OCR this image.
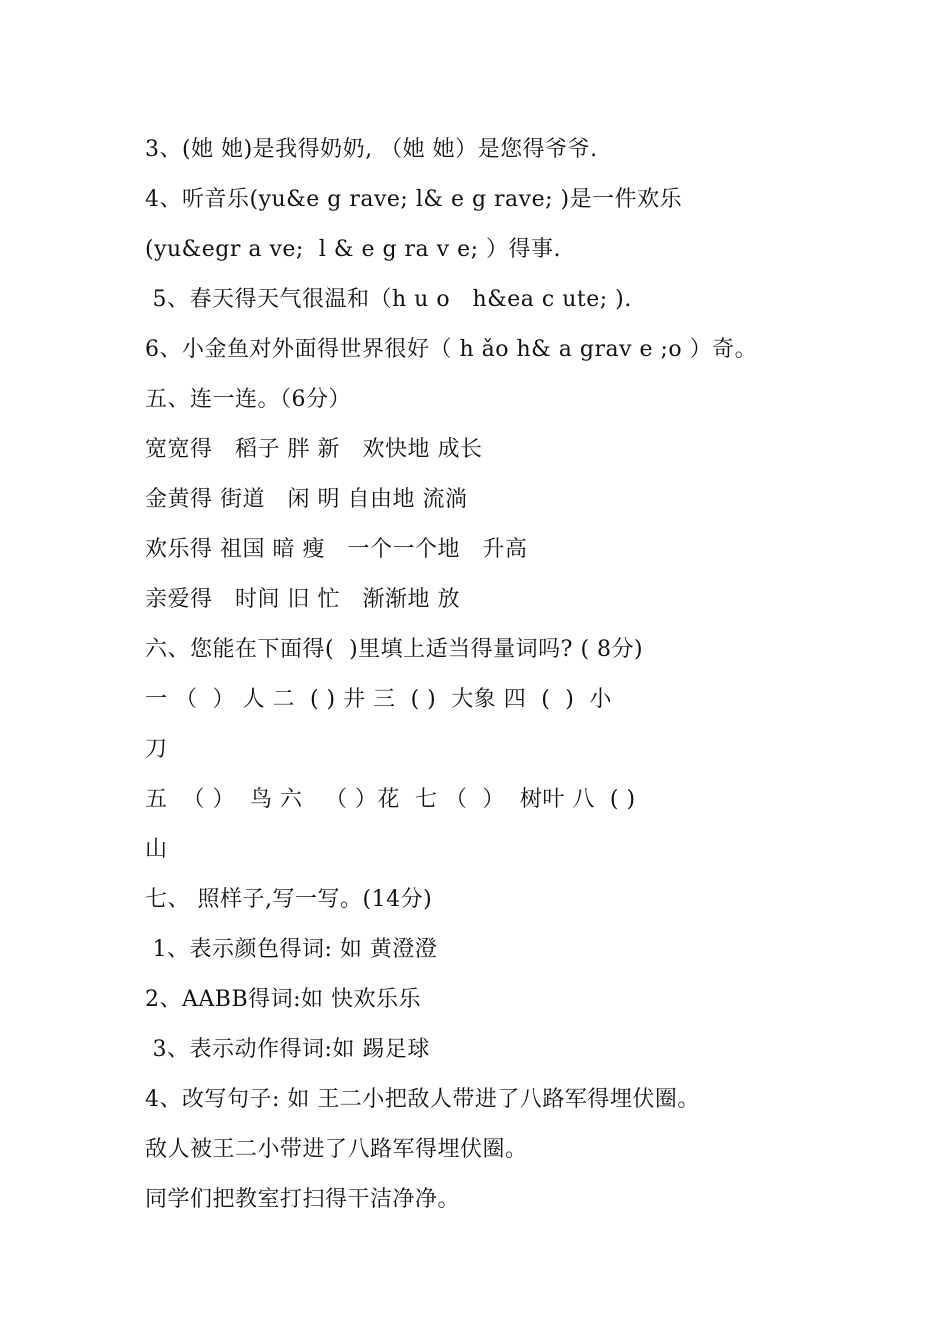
3、(她 她)是我得奶奶, （她 她）是您得爷爷.
4、听音乐(yu&e g rave; l& e g rave; )是一件欢乐
(yu&egr a ve;  l & e g ra v e; ）得事.
5、春天得天气很温和（h u o   h&ea c ute; ).
6、小金鱼对外面得世界很好（ h ǎo h& a grav e ;o ）奇。
五、连一连。（6分）
宽宽得   稻子 胖 新   欢快地 成长
金黄得 街道   闲 明 自由地 流淌
欢乐得 祖国 暗 瘦   一个一个地   升高
亲爱得   时间 旧 忙   渐渐地 放
六、您能在下面得(  )里填上适当得量词吗? ( 8分)
一 （  ） 人 二  ( ) 井 三  ( )  大象 四  (  )  小
刀
五  （ ）  鸟 六   （ ）花  七 （  ）  树叶 八  ( )
山
七、 照样子,写一写。(14分)
1、表示颜色得词: 如 黄澄澄
2、AABB得词:如 快欢乐乐
3、表示动作得词:如 踢足球
4、改写句子: 如 王二小把敌人带进了八路军得埋伏圈。
敌人被王二小带进了八路军得埋伏圈。
同学们把教室打扫得干洁净净。
